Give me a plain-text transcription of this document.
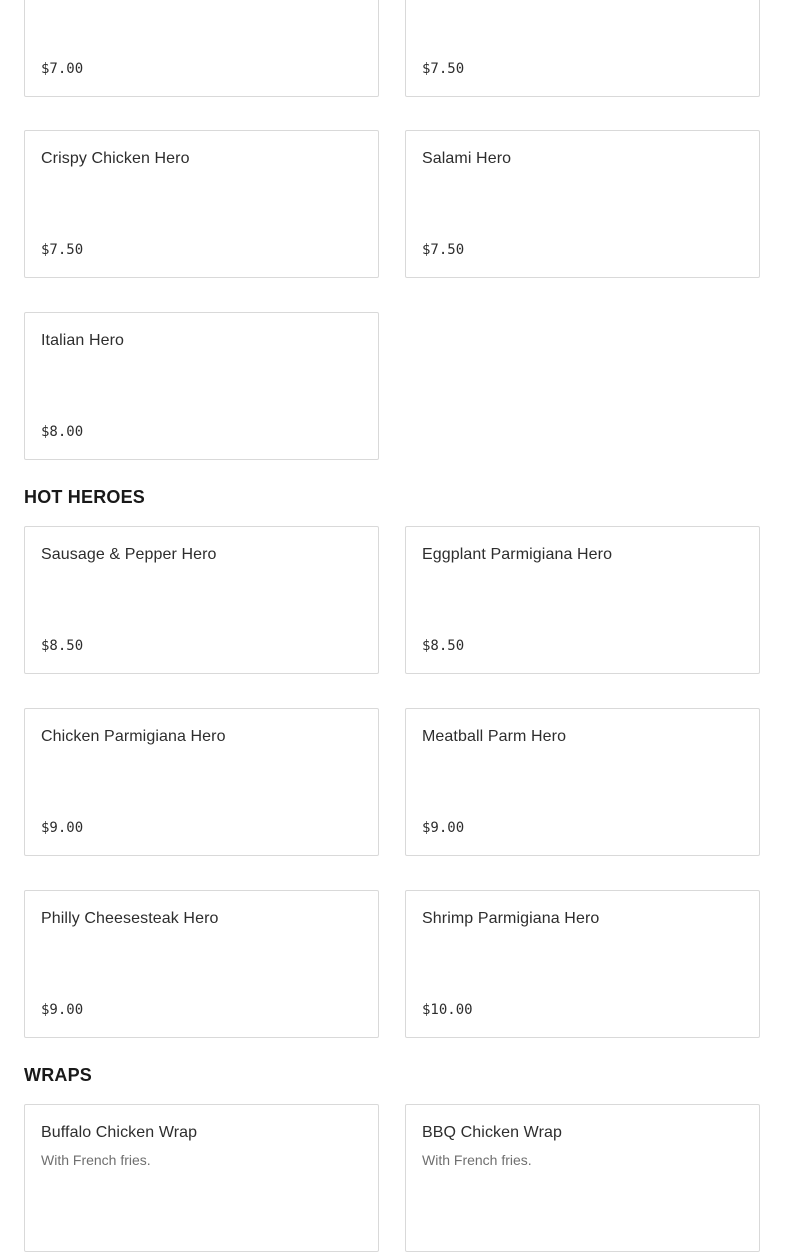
$7.00	$7.50
Crispy Chicken Hero
$7.50
Salami Hero
$7.50
Italian Hero
$8.00
HOT HEROES
Sausage & Pepper Hero
$8.50
Eggplant Parmigiana Hero
$8.50
Chicken Parmigiana Hero
$9.00
Meatball Parm Hero
$9.00
Philly Cheesesteak Hero
$9.00
Shrimp Parmigiana Hero
$10.00
WRAPS
Buffalo Chicken Wrap
With French fries.
BBQ Chicken Wrap
With French fries.
